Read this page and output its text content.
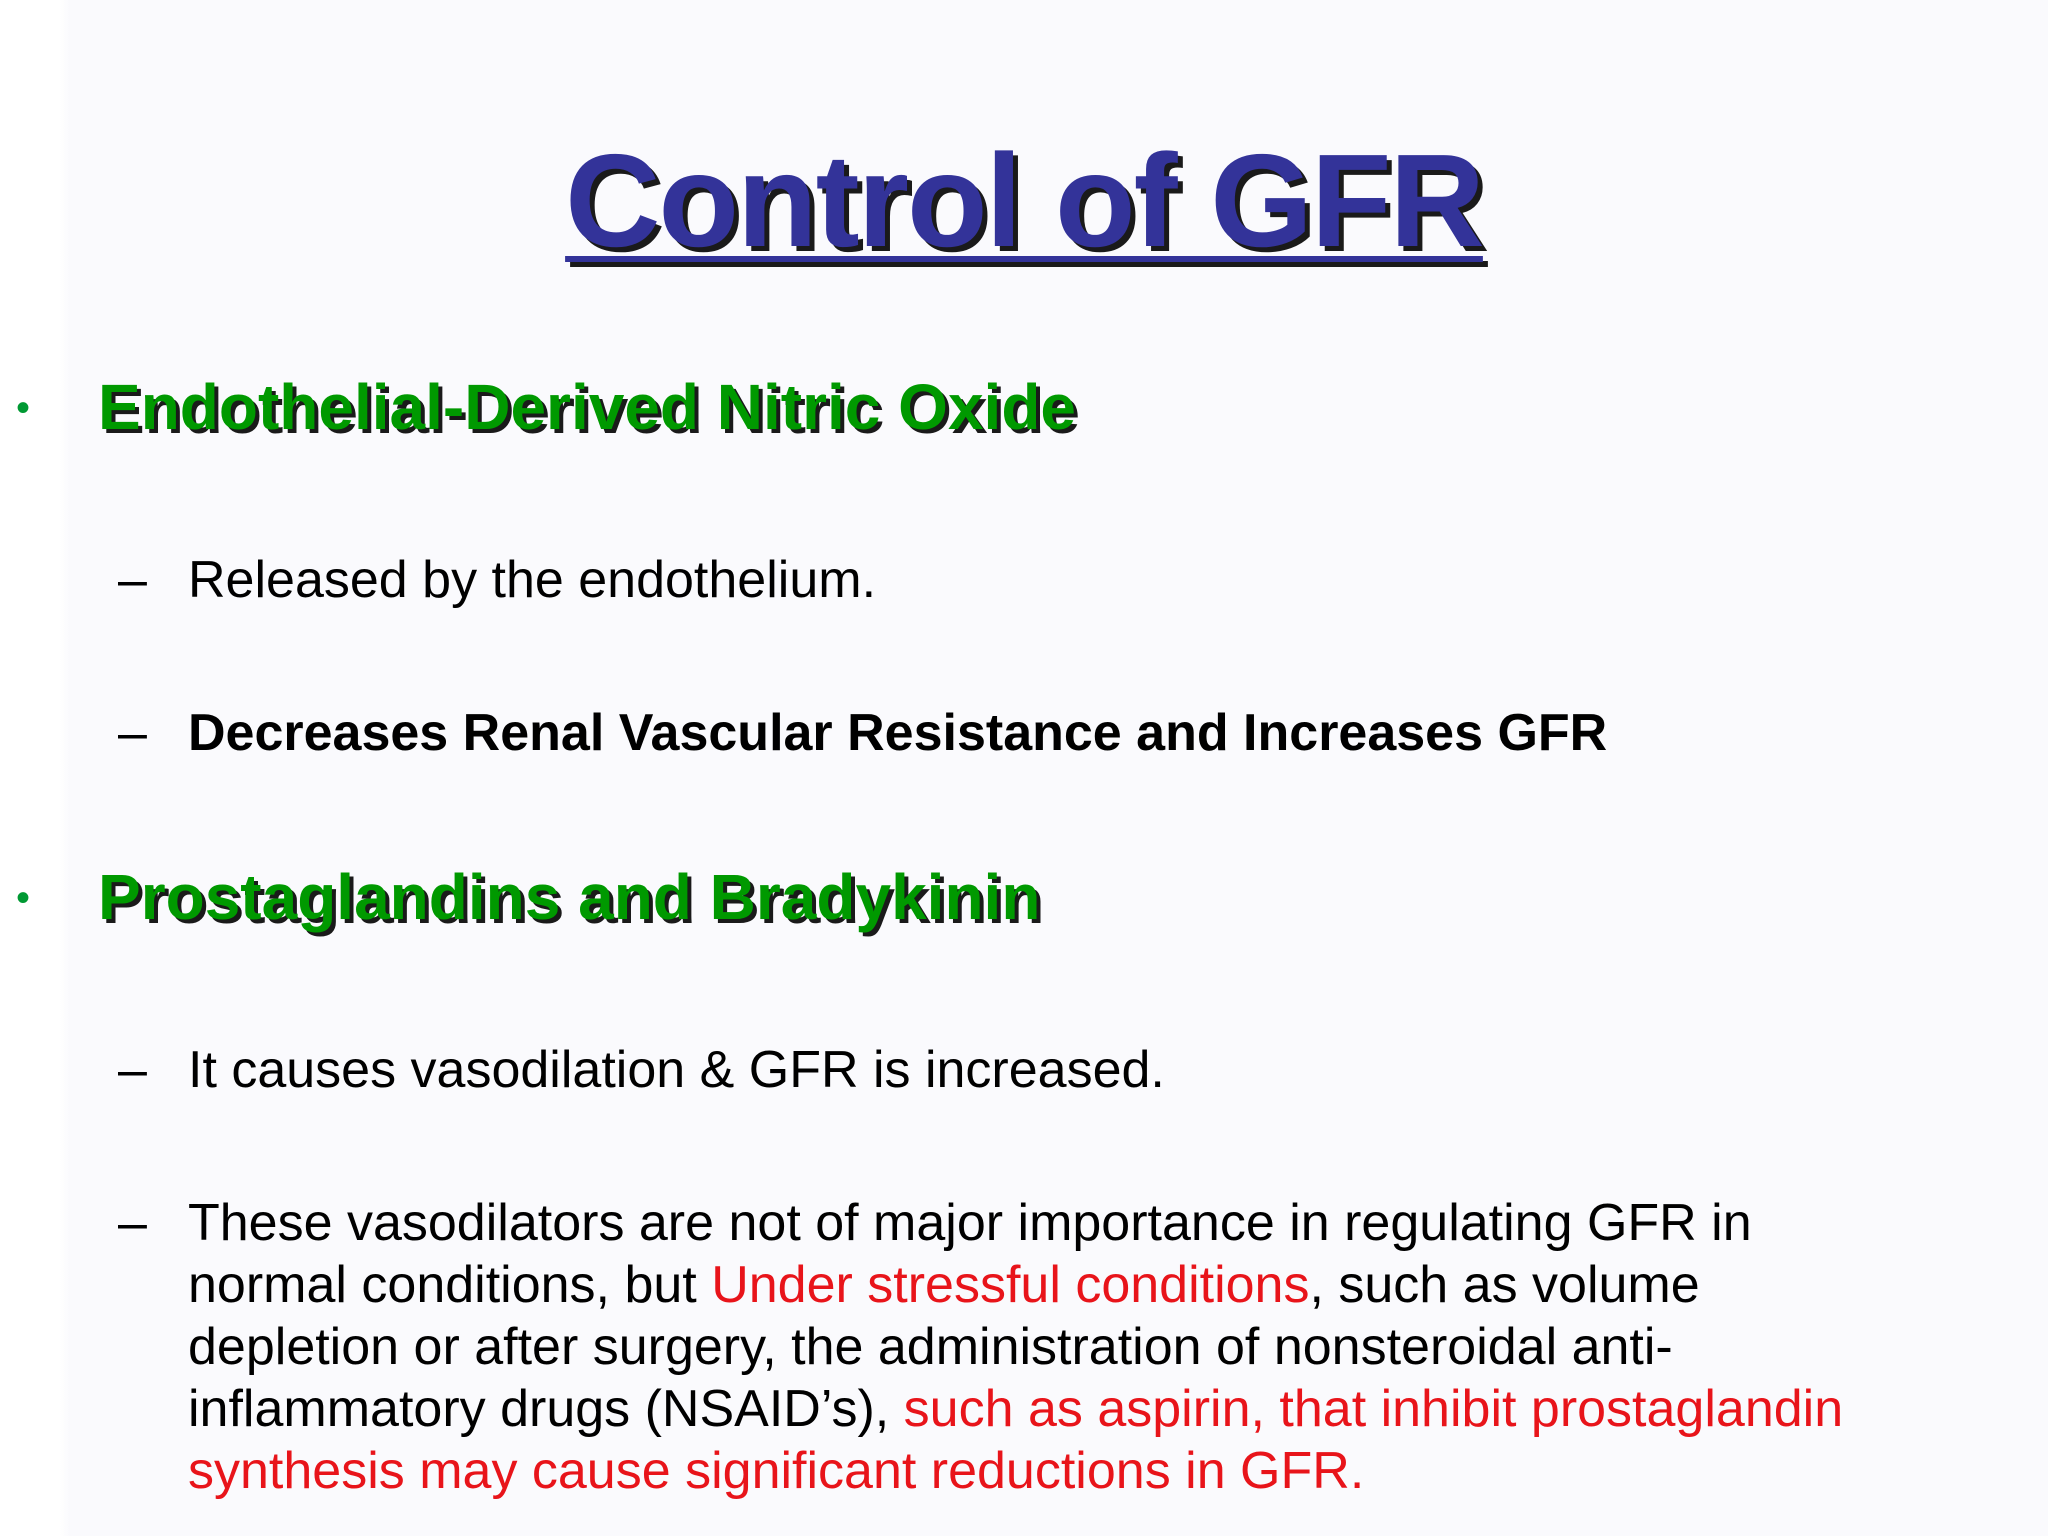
Control of GFR
• Endothelial-Derived Nitric Oxide
– Released by the endothelium.
– Decreases Renal Vascular Resistance and Increases GFR
• Prostaglandins and Bradykinin
– It causes vasodilation & GFR is increased.
– These vasodilators are not of major importance in regulating GFR in
normal conditions, but Under stressful conditions, such as volume
depletion or after surgery, the administration of nonsteroidal anti-
inflammatory drugs (NSAID’s), such as aspirin, that inhibit prostaglandin
synthesis may cause significant reductions in GFR.
